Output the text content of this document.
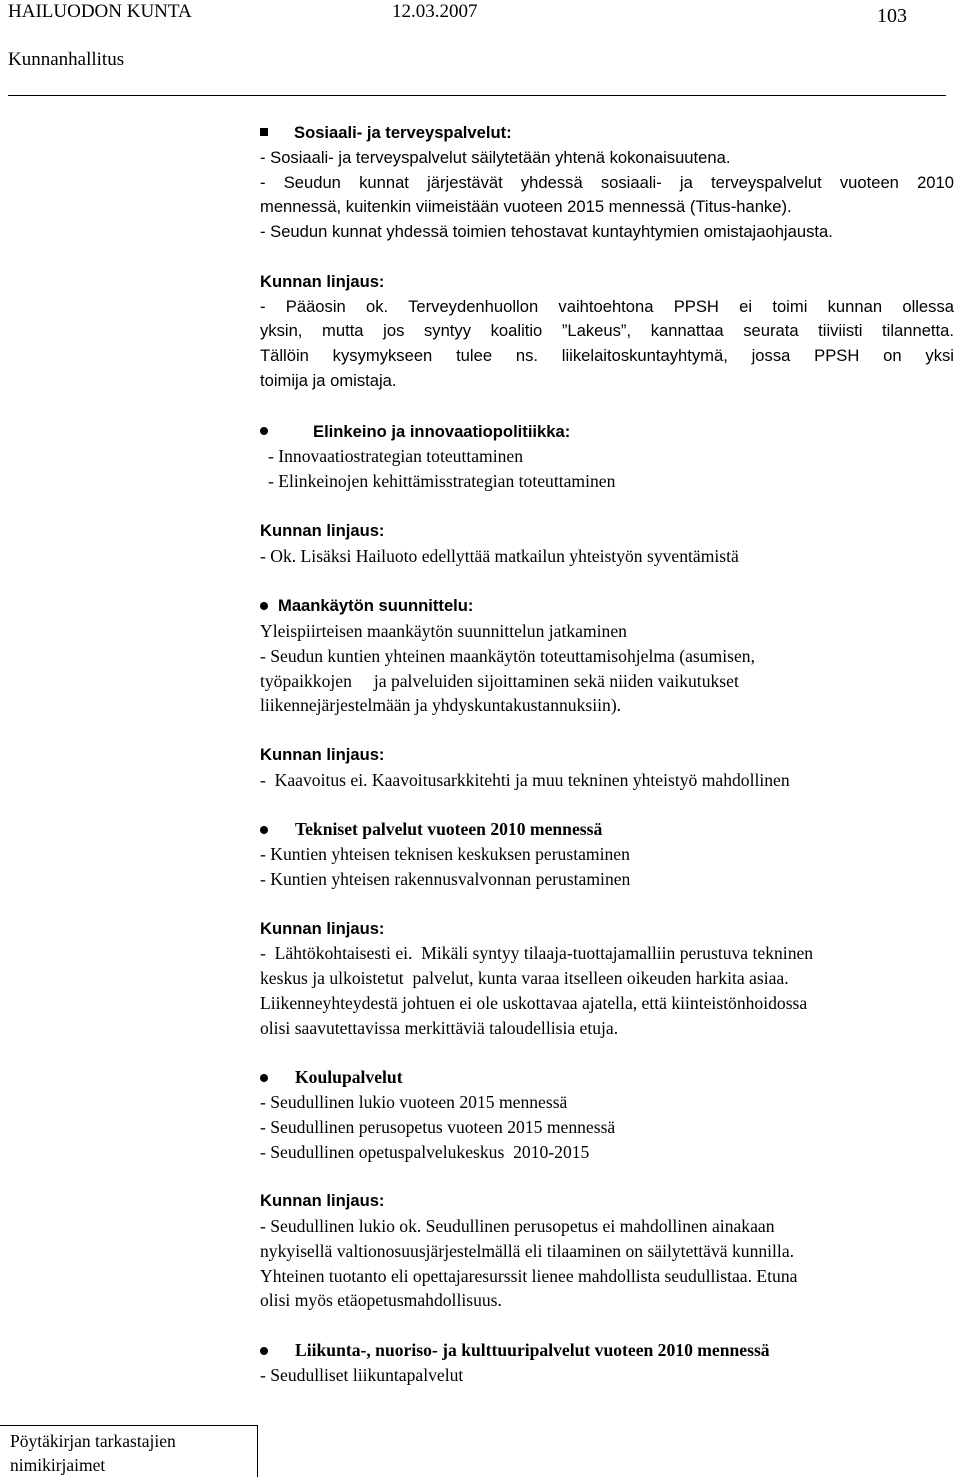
HAILUODON KUNTA	12.03.2007	103
Kunnanhallitus
Sosiaali- ja terveyspalvelut:
- Sosiaali- ja terveyspalvelut säilytetään yhtenä kokonaisuutena.
- Seudun kunnat järjestävät yhdessä sosiaali- ja terveyspalvelut vuoteen 2010
mennessä, kuitenkin viimeistään vuoteen 2015 mennessä (Titus-hanke).
- Seudun kunnat yhdessä toimien tehostavat kuntayhtymien omistajaohjausta.
Kunnan linjaus:
- Pääosin ok. Terveydenhuollon vaihtoehtona PPSH ei toimi kunnan ollessa
yksin, mutta jos syntyy koalitio ”Lakeus”, kannattaa seurata tiiviisti tilannetta.
Tällöin kysymykseen tulee ns. liikelaitoskuntayhtymä, jossa PPSH on yksi
toimija ja omistaja.
Elinkeino ja innovaatiopolitiikka:
- Innovaatiostrategian toteuttaminen
- Elinkeinojen kehittämisstrategian toteuttaminen
Kunnan linjaus:
- Ok. Lisäksi Hailuoto edellyttää matkailun yhteistyön syventämistä
Maankäytön suunnittelu:
Yleispiirteisen maankäytön suunnittelun jatkaminen
- Seudun kuntien yhteinen maankäytön toteuttamisohjelma (asumisen,
työpaikkojen     ja palveluiden sijoittaminen sekä niiden vaikutukset
liikennejärjestelmään ja yhdyskuntakustannuksiin).
Kunnan linjaus:
-  Kaavoitus ei. Kaavoitusarkkitehti ja muu tekninen yhteistyö mahdollinen
Tekniset palvelut vuoteen 2010 mennessä
- Kuntien yhteisen teknisen keskuksen perustaminen
- Kuntien yhteisen rakennusvalvonnan perustaminen
Kunnan linjaus:
-  Lähtökohtaisesti ei.  Mikäli syntyy tilaaja-tuottajamalliin perustuva tekninen
keskus ja ulkoistetut  palvelut, kunta varaa itselleen oikeuden harkita asiaa.
Liikenneyhteydestä johtuen ei ole uskottavaa ajatella, että kiinteistönhoidossa
olisi saavutettavissa merkittäviä taloudellisia etuja.
Koulupalvelut
- Seudullinen lukio vuoteen 2015 mennessä
- Seudullinen perusopetus vuoteen 2015 mennessä
- Seudullinen opetuspalvelukeskus  2010-2015
Kunnan linjaus:
- Seudullinen lukio ok. Seudullinen perusopetus ei mahdollinen ainakaan
nykyisellä valtionosuusjärjestelmällä eli tilaaminen on säilytettävä kunnilla.
Yhteinen tuotanto eli opettajaresurssit lienee mahdollista seudullistaa. Etuna
olisi myös etäopetusmahdollisuus.
Liikunta-, nuoriso- ja kulttuuripalvelut vuoteen 2010 mennessä
- Seudulliset liikuntapalvelut
Pöytäkirjan tarkastajien
nimikirjaimet
